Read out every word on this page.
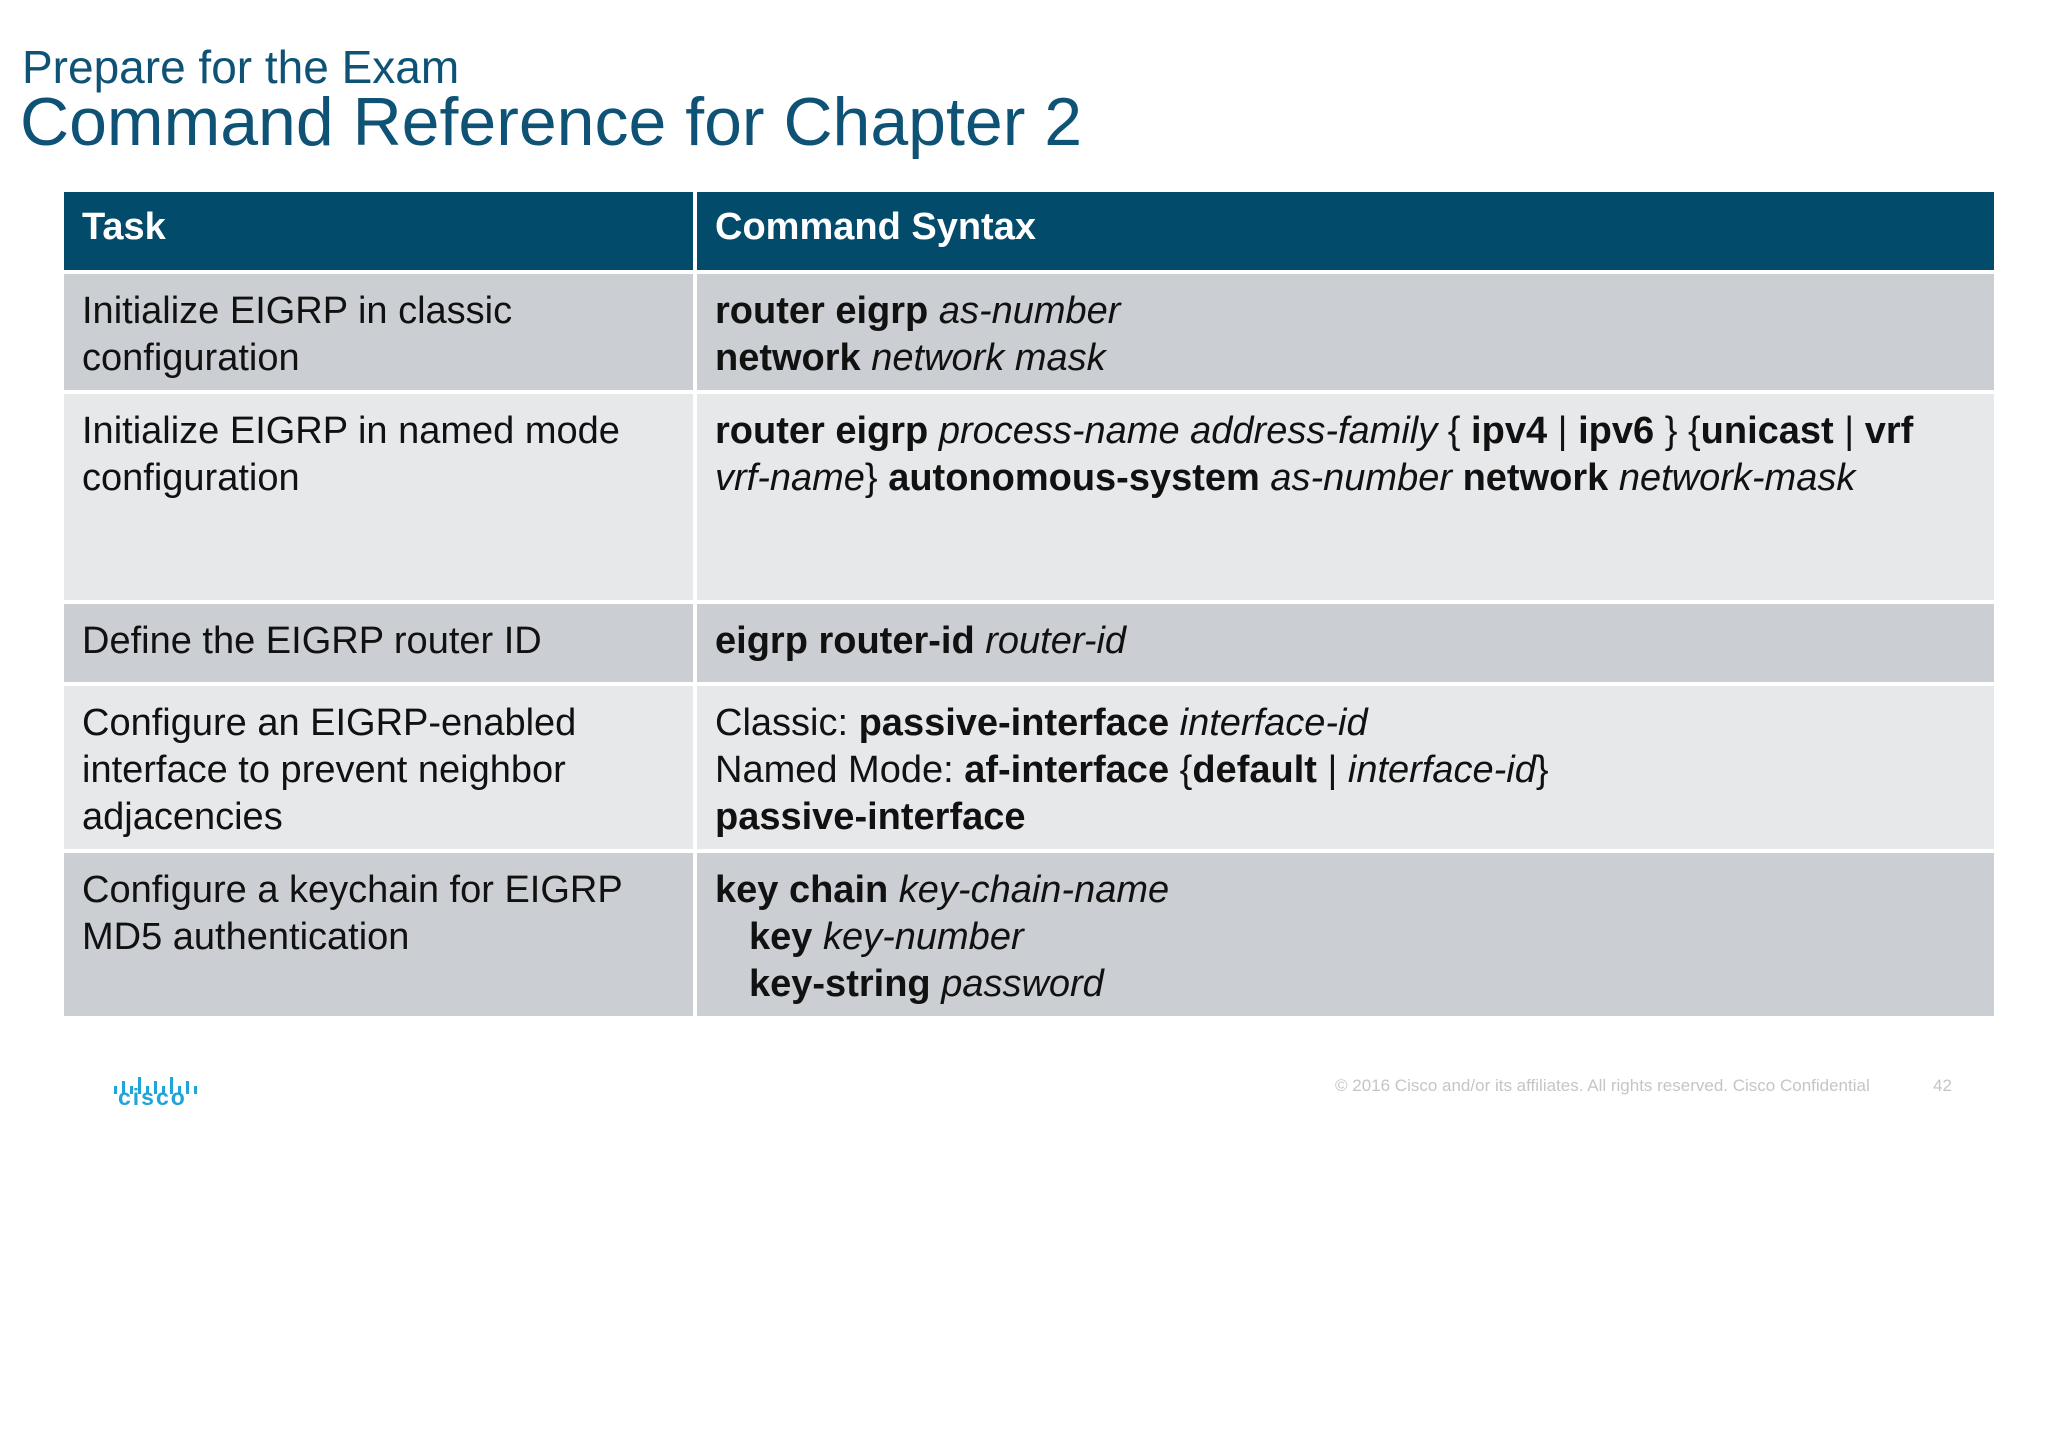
Prepare for the Exam
Command Reference for Chapter 2
Task	Command Syntax
Initialize EIGRP in classic configuration	router eigrp as-number
network network mask
Initialize EIGRP in named mode configuration	router eigrp process-name address-family { ipv4 | ipv6 } {unicast | vrf vrf-name} autonomous-system as-number network network-mask
Define the EIGRP router ID	eigrp router-id router-id
Configure an EIGRP-enabled interface to prevent neighbor adjacencies	Classic: passive-interface interface-id
Named Mode: af-interface {default | interface-id}
passive-interface
Configure a keychain for EIGRP MD5 authentication	key chain key-chain-name
key key-number
key-string password
cisco	© 2016 Cisco and/or its affiliates. All rights reserved. Cisco Confidential	42
